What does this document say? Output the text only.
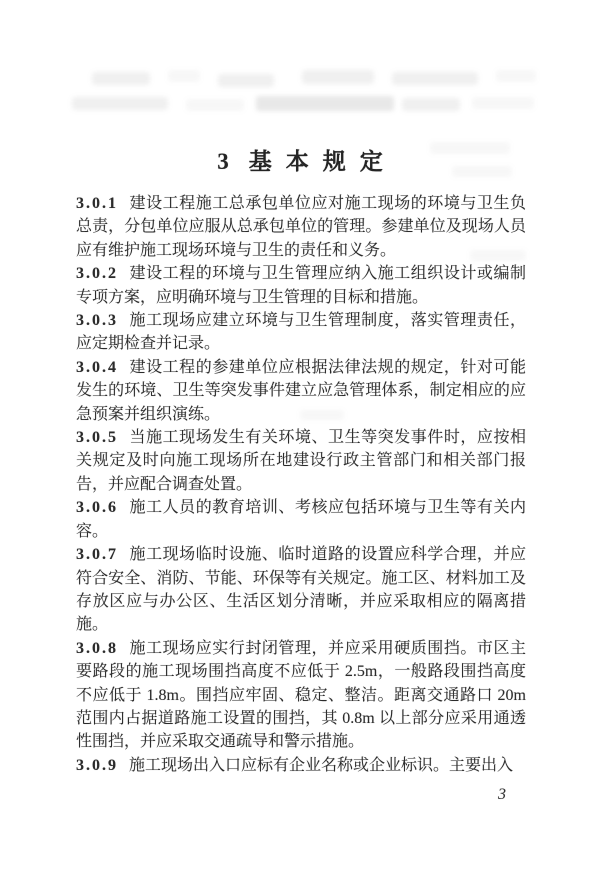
3 基本规定

3.0.1 建设工程施工总承包单位应对施工现场的环境与卫生负总责，分包单位应服从总承包单位的管理。参建单位及现场人员应有维护施工现场环境与卫生的责任和义务。

3.0.2 建设工程的环境与卫生管理应纳入施工组织设计或编制专项方案，应明确环境与卫生管理的目标和措施。

3.0.3 施工现场应建立环境与卫生管理制度，落实管理责任，应定期检查并记录。

3.0.4 建设工程的参建单位应根据法律法规的规定，针对可能发生的环境、卫生等突发事件建立应急管理体系，制定相应的应急预案并组织演练。

3.0.5 当施工现场发生有关环境、卫生等突发事件时，应按相关规定及时向施工现场所在地建设行政主管部门和相关部门报告，并应配合调查处置。

3.0.6 施工人员的教育培训、考核应包括环境与卫生等有关内容。

3.0.7 施工现场临时设施、临时道路的设置应科学合理，并应符合安全、消防、节能、环保等有关规定。施工区、材料加工及存放区应与办公区、生活区划分清晰，并应采取相应的隔离措施。

3.0.8 施工现场应实行封闭管理，并应采用硬质围挡。市区主要路段的施工现场围挡高度不应低于 2.5m，一般路段围挡高度不应低于 1.8m。围挡应牢固、稳定、整洁。距离交通路口 20m 范围内占据道路施工设置的围挡，其 0.8m 以上部分应采用通透性围挡，并应采取交通疏导和警示措施。

3.0.9 施工现场出入口应标有企业名称或企业标识。主要出入

3
